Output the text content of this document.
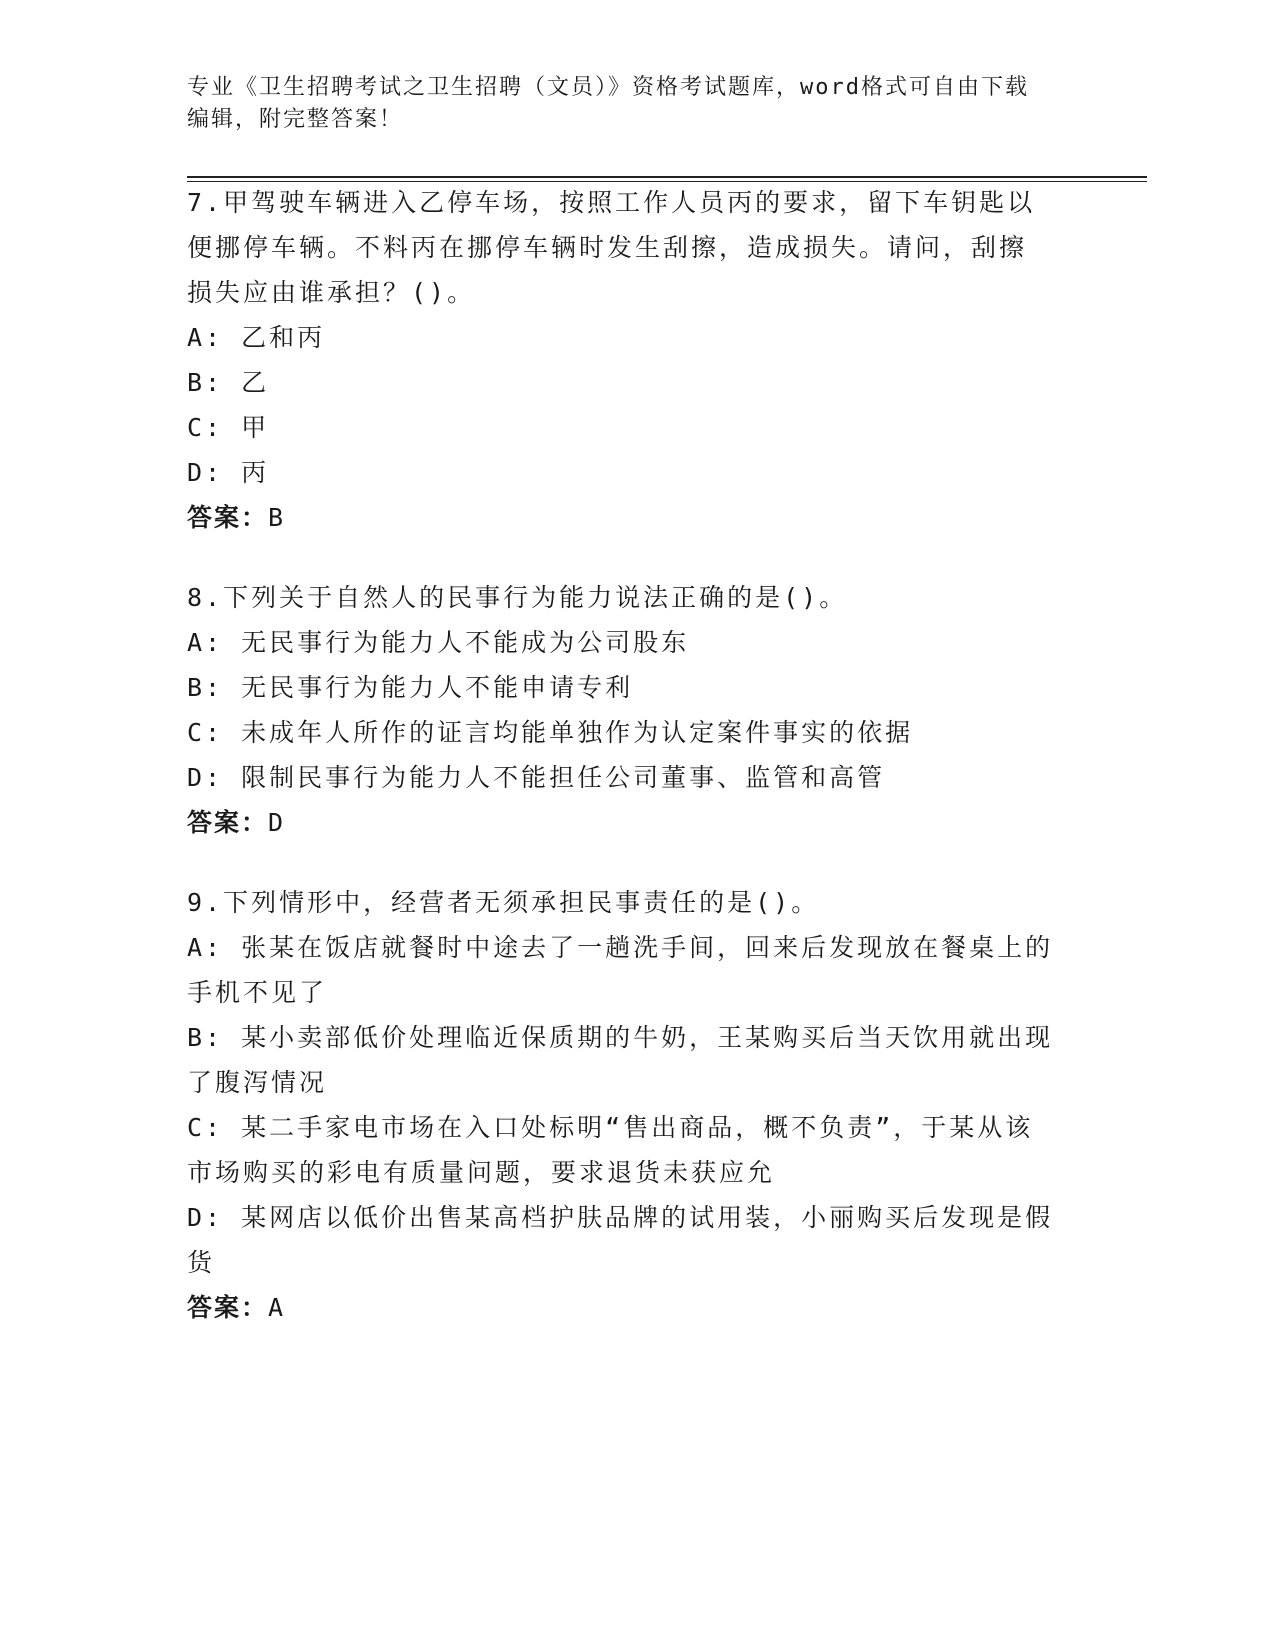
专业《卫生招聘考试之卫生招聘（文员）》资格考试题库，word格式可自由下载
编辑，附完整答案！

7.甲驾驶车辆进入乙停车场，按照工作人员丙的要求，留下车钥匙以

便挪停车辆。不料丙在挪停车辆时发生刮擦，造成损失。请问，刮擦

损失应由谁承担？()。

A: 乙和丙

B: 乙

C: 甲

D: 丙

答案：B

8.下列关于自然人的民事行为能力说法正确的是()。

A: 无民事行为能力人不能成为公司股东

B: 无民事行为能力人不能申请专利

C: 未成年人所作的证言均能单独作为认定案件事实的依据

D: 限制民事行为能力人不能担任公司董事、监管和高管

答案：D

9.下列情形中，经营者无须承担民事责任的是()。

A: 张某在饭店就餐时中途去了一趟洗手间，回来后发现放在餐桌上的

手机不见了

B: 某小卖部低价处理临近保质期的牛奶，王某购买后当天饮用就出现

了腹泻情况

C: 某二手家电市场在入口处标明“售出商品，概不负责”，于某从该

市场购买的彩电有质量问题，要求退货未获应允

D: 某网店以低价出售某高档护肤品牌的试用装，小丽购买后发现是假

货

答案：A
